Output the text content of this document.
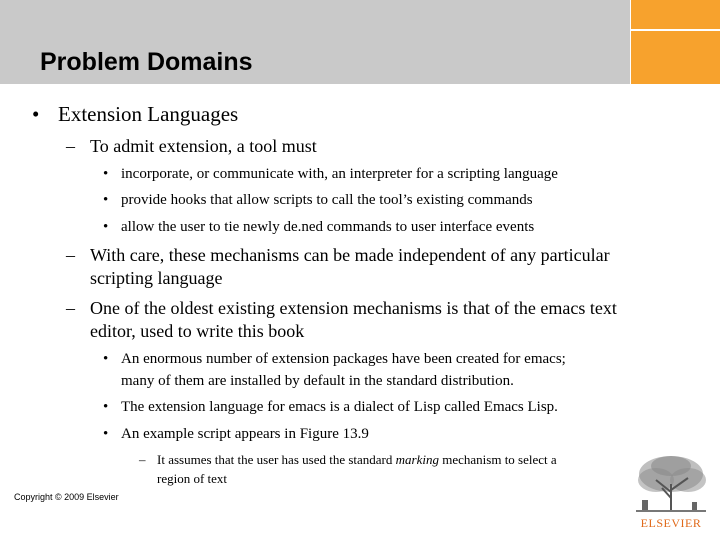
Problem Domains
• Extension Languages
– To admit extension, a tool must
• incorporate, or communicate with, an interpreter for a scripting language
• provide hooks that allow scripts to call the tool’s existing commands
• allow the user to tie newly de.ned commands to user interface events
– With care, these mechanisms can be made independent of any particular
scripting language
– One of the oldest existing extension mechanisms is that of the emacs text
editor, used to write this book
• An enormous number of extension packages have been created for emacs;
many of them are installed by default in the standard distribution.
• The extension language for emacs is a dialect of Lisp called Emacs Lisp.
• An example script appears in Figure 13.9
– It assumes that the user has used the standard marking mechanism to select a
region of text
Copyright © 2009 Elsevier
ELSEVIER
